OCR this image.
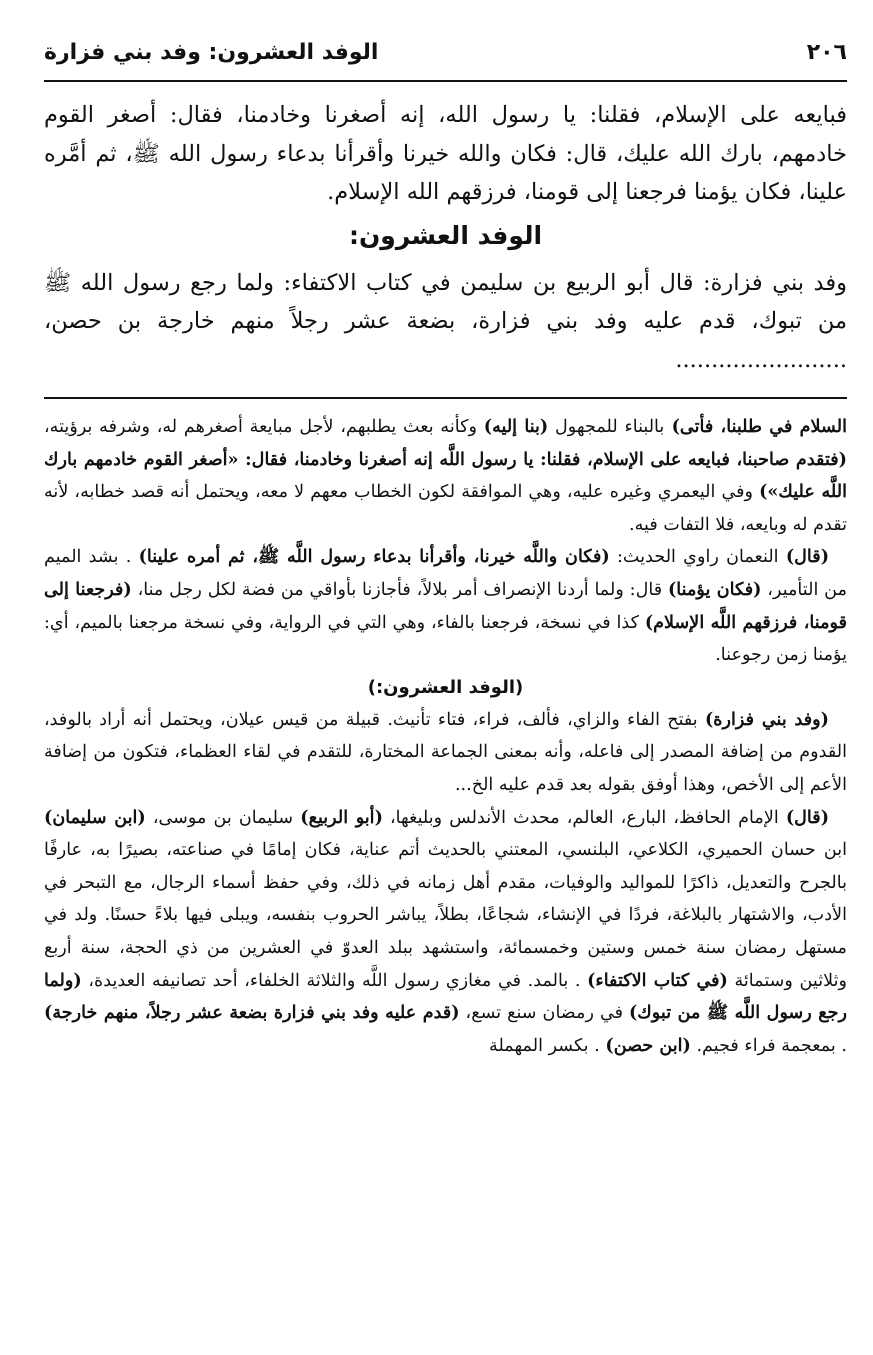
٢٠٦
الوفد العشرون: وفد بني فزارة

فبايعه على الإسلام، فقلنا: يا رسول الله، إنه أصغرنا وخادمنا، فقال: أصغر القوم خادمهم، بارك الله عليك، قال: فكان والله خيرنا وأقرأنا بدعاء رسول الله ﷺ، ثم أمَّره علينا، فكان يؤمنا فرجعنا إلى قومنا، فرزقهم الله الإسلام.

الوفد العشرون:

وفد بني فزارة: قال أبو الربيع بن سليمن في كتاب الاكتفاء: ولما رجع رسول الله ﷺ من تبوك، قدم عليه وفد بني فزارة، بضعة عشر رجلاً منهم خارجة بن حصن، ........................

السلام في طلبنا، فأتى) بالبناء للمجهول (بنا إليه) وكأنه بعث يطلبهم، لأجل مبايعة أصغرهم له، وشرفه برؤيته، (فتقدم صاحبنا، فبايعه على الإسلام، فقلنا: يا رسول اللَّه إنه أصغرنا وخادمنا، فقال: «أصغر القوم خادمهم بارك اللَّه عليك») وفي اليعمري وغيره عليه، وهي الموافقة لكون الخطاب معهم لا معه، ويحتمل أنه قصد خطابه، لأنه تقدم له وبايعه، فلا التفات فيه.

(قال) النعمان راوي الحديث: (فكان واللَّه خيرنا، وأقرأنا بدعاء رسول اللَّه ﷺ، ثم أمره علينا) . بشد الميم من التأمير، (فكان يؤمنا) قال: ولما أردنا الإنصراف أمر بلالاً، فأجازنا بأواقي من فضة لكل رجل منا، (فرجعنا إلى قومنا، فرزقهم اللَّه الإسلام) كذا في نسخة، فرجعنا بالفاء، وهي التي في الرواية، وفي نسخة مرجعنا بالميم، أي: يؤمنا زمن رجوعنا.

(الوفد العشرون:)

(وفد بني فزارة) بفتح الفاء والزاي، فألف، فراء، فتاء تأنيث. قبيلة من قيس عيلان، ويحتمل أنه أراد بالوفد، القدوم من إضافة المصدر إلى فاعله، وأنه بمعنى الجماعة المختارة، للتقدم في لقاء العظماء، فتكون من إضافة الأعم إلى الأخص، وهذا أوفق بقوله بعد قدم عليه الخ...

(قال) الإمام الحافظ، البارع، العالم، محدث الأندلس وبليغها، (أبو الربيع) سليمان بن موسى، (ابن سليمان) ابن حسان الحميري، الكلاعي، البلنسي، المعتني بالحديث أتم عناية، فكان إمامًا في صناعته، بصيرًا به، عارفًا بالجرح والتعديل، ذاكرًا للمواليد والوفيات، مقدم أهل زمانه في ذلك، وفي حفظ أسماء الرجال، مع التبحر في الأدب، والاشتهار بالبلاغة، فردًا في الإنشاء، شجاعًا، بطلاً، يباشر الحروب بنفسه، ويبلى فيها بلاءً حسنًا. ولد في مستهل رمضان سنة خمس وستين وخمسمائة، واستشهد ببلد العدوّ في العشرين من ذي الحجة، سنة أربع وثلاثين وستمائة (في كتاب الاكتفاء) . بالمد. في مغازي رسول اللَّه والثلاثة الخلفاء، أحد تصانيفه العديدة، (ولما رجع رسول اللَّه ﷺ من تبوك) في رمضان سنع تسع، (قدم عليه وفد بني فزارة بضعة عشر رجلاً، منهم خارجة) . بمعجمة فراء فجيم. (ابن حصن) . بكسر المهملة
